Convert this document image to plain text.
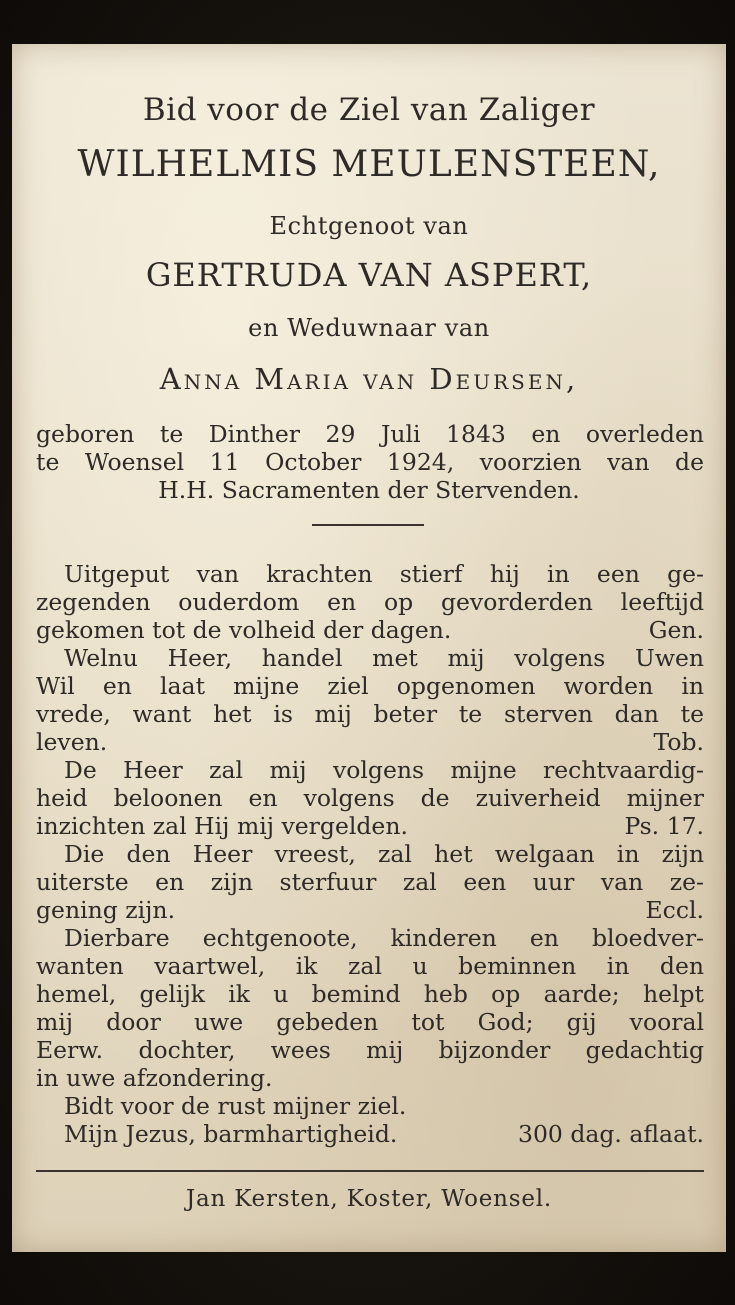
Bid voor de Ziel van Zaliger
WILHELMIS MEULENSTEEN,
Echtgenoot van
GERTRUDA VAN ASPERT,
en Weduwnaar van
Anna Maria van Deursen,
geboren te Dinther 29 Juli 1843 en overleden
te Woensel 11 October 1924, voorzien van de
H.H. Sacramenten der Stervenden.
Uitgeput van krachten stierf hij in een ge-
zegenden ouderdom en op gevorderden leeftijd
gekomen tot de volheid der dagen.	Gen.
Welnu Heer, handel met mij volgens Uwen
Wil en laat mijne ziel opgenomen worden in
vrede, want het is mij beter te sterven dan te
leven.	Tob.
De Heer zal mij volgens mijne rechtvaardig-
heid beloonen en volgens de zuiverheid mijner
inzichten zal Hij mij vergelden.	Ps. 17.
Die den Heer vreest, zal het welgaan in zijn
uiterste en zijn sterfuur zal een uur van ze-
gening zijn.	Eccl.
Dierbare echtgenoote, kinderen en bloedver-
wanten vaartwel, ik zal u beminnen in den
hemel, gelijk ik u bemind heb op aarde; helpt
mij door uwe gebeden tot God; gij vooral
Eerw. dochter, wees mij bijzonder gedachtig
in uwe afzondering.
Bidt voor de rust mijner ziel.
Mijn Jezus, barmhartigheid.	300 dag. aflaat.
Jan Kersten, Koster, Woensel.
